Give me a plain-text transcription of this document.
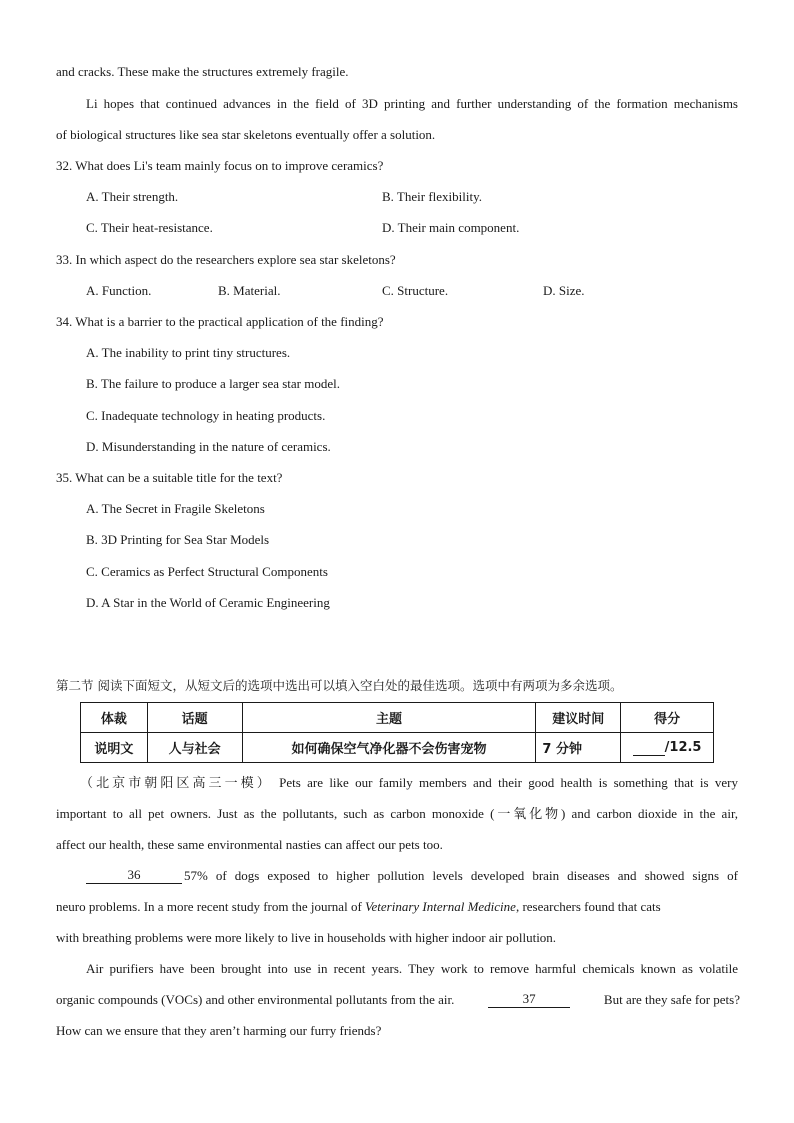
and cracks. These make the structures extremely fragile.
Li hopes that continued advances in the field of 3D printing and further understanding of the formation mechanisms
of biological structures like sea star skeletons eventually offer a solution.
32. What does Li's team mainly focus on to improve ceramics?
A. Their strength.	B. Their flexibility.
C. Their heat-resistance.	D. Their main component.
33. In which aspect do the researchers explore sea star skeletons?
A. Function.	B. Material.	C. Structure.	D. Size.
34. What is a barrier to the practical application of the finding?
A. The inability to print tiny structures.
B. The failure to produce a larger sea star model.
C. Inadequate technology in heating products.
D. Misunderstanding in the nature of ceramics.
35. What can be a suitable title for the text?
A. The Secret in Fragile Skeletons
B. 3D Printing for Sea Star Models
C. Ceramics as Perfect Structural Components
D. A Star in the World of Ceramic Engineering
第二节 阅读下面短文，从短文后的选项中选出可以填入空白处的最佳选项。选项中有两项为多余选项。
体裁	话题	主题	建议时间	得分
说明文	人与社会	如何确保空气净化器不会伤害宠物	7 分钟	/12.5
（北京市朝阳区高三一模） Pets are like our family members and their good health is something that is very
important to all pet owners. Just as the pollutants, such as carbon monoxide (一氧化物) and carbon dioxide in the air,
affect our health, these same environmental nasties can affect our pets too.
36	57% of dogs exposed to higher pollution levels developed brain diseases and showed signs of
neuro problems. In a more recent study from the journal of Veterinary Internal Medicine, researchers found that cats
with breathing problems were more likely to live in households with higher indoor air pollution.
Air purifiers have been brought into use in recent years. They work to remove harmful chemicals known as volatile
organic compounds (VOCs) and other environmental pollutants from the air.	37	But are they safe for pets?
How can we ensure that they aren’t harming our furry friends?
